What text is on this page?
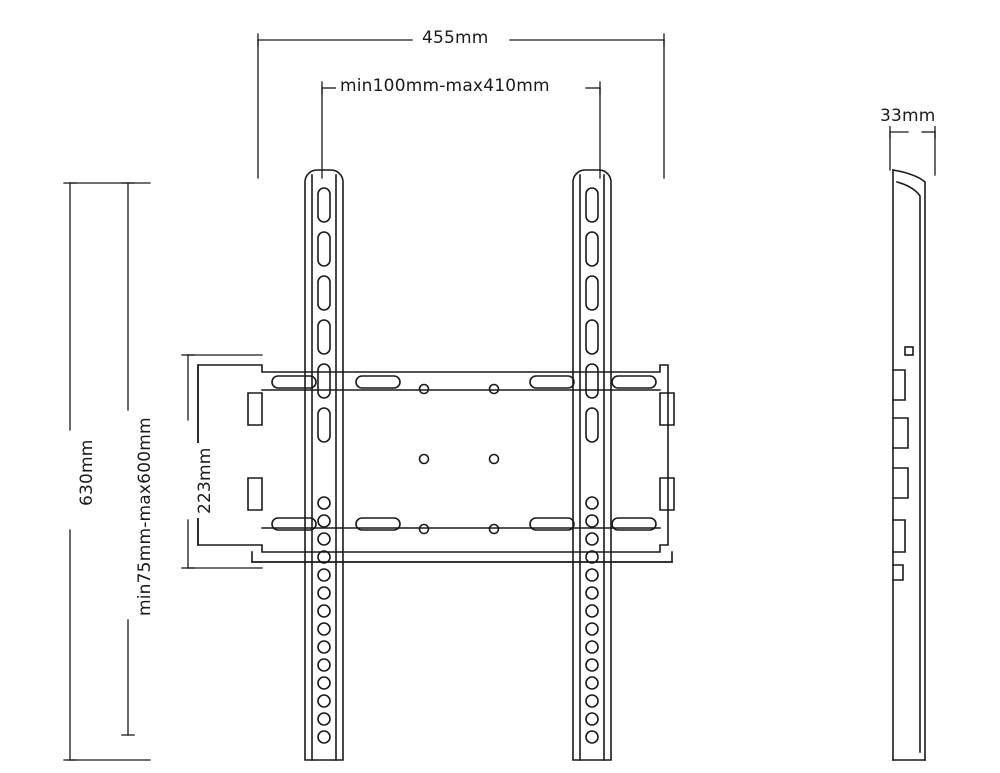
455mm
min100mm-max410mm
630mm min75mm-max600mm 223mm
33mm
